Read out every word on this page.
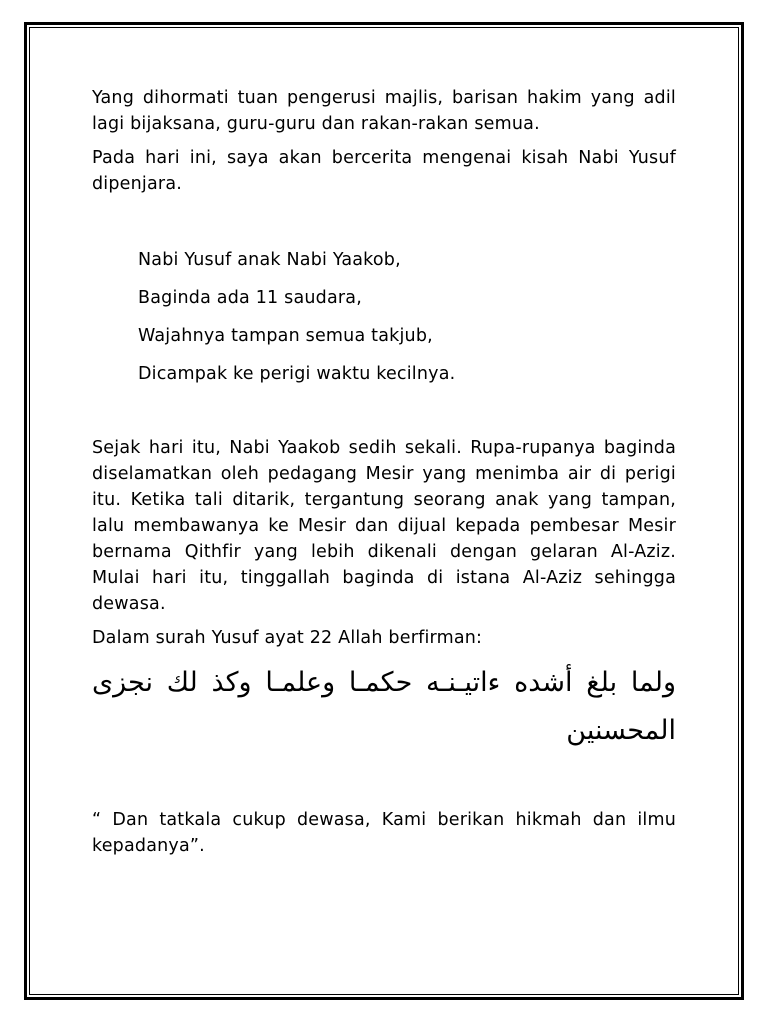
Yang dihormati tuan pengerusi majlis, barisan hakim yang adil lagi bijaksana, guru-guru dan rakan-rakan semua.

Pada hari ini, saya akan bercerita mengenai kisah Nabi Yusuf dipenjara.

Nabi Yusuf anak Nabi Yaakob,

Baginda ada 11 saudara,

Wajahnya tampan semua takjub,

Dicampak ke perigi waktu kecilnya.

Sejak hari itu, Nabi Yaakob sedih sekali. Rupa-rupanya baginda diselamatkan oleh pedagang Mesir yang menimba air di perigi itu. Ketika tali ditarik, tergantung seorang anak yang tampan, lalu membawanya ke Mesir dan dijual kepada pembesar Mesir bernama Qithfir yang lebih dikenali dengan gelaran Al-Aziz. Mulai hari itu, tinggallah baginda di istana Al-Aziz sehingga dewasa.

Dalam surah Yusuf ayat 22 Allah berfirman:

ولما بلغ أشده ءاتيـنـه حكمـا وعلمـا وكذ لك نجزى المحسنين

“ Dan tatkala cukup dewasa, Kami berikan hikmah dan ilmu kepadanya”.
